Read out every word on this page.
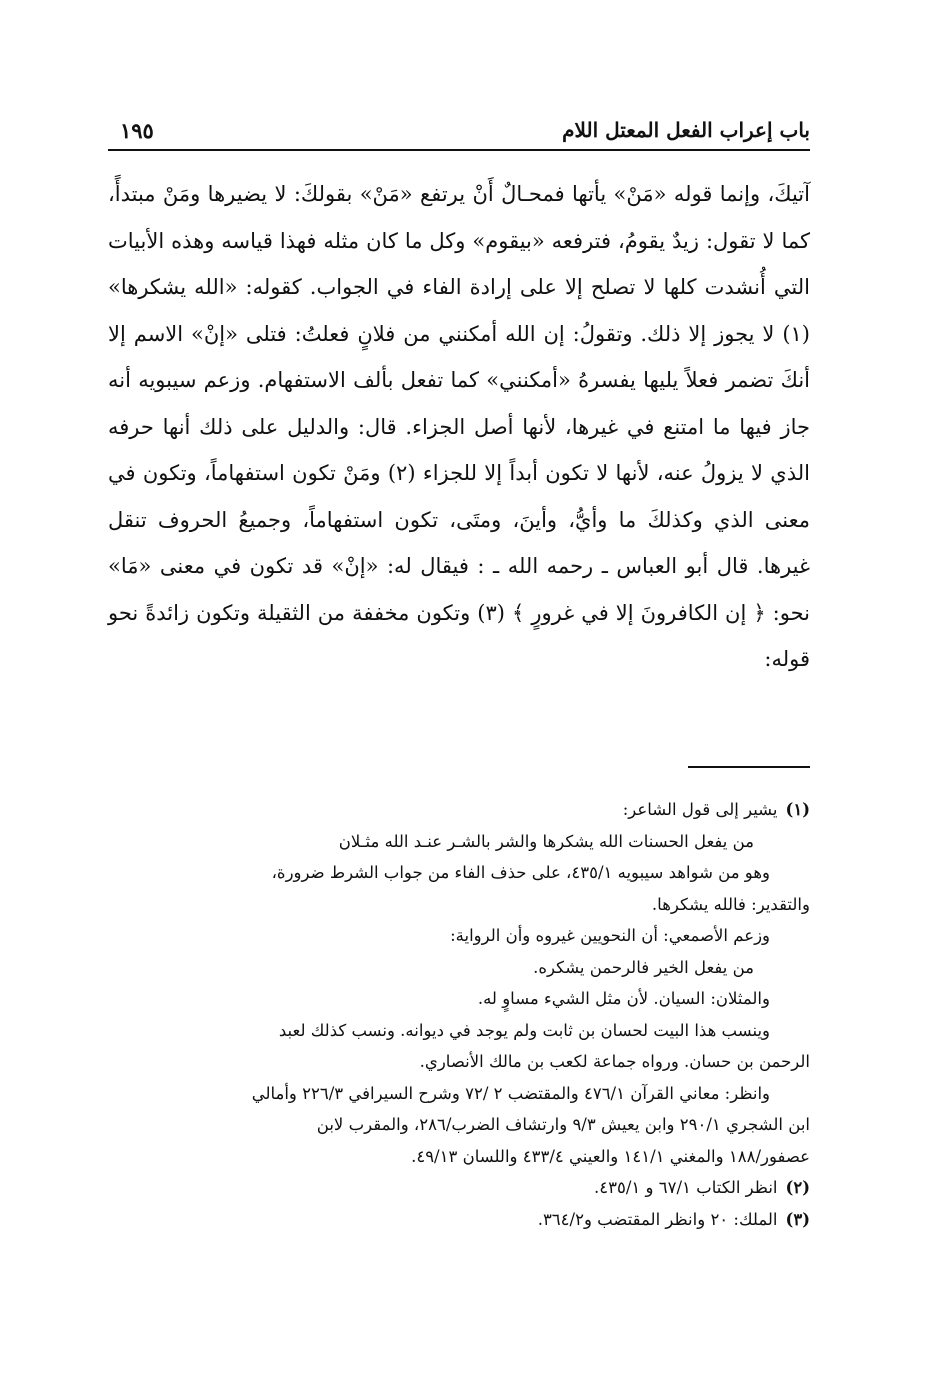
باب إعراب الفعل المعتل اللام
١٩٥

آتيكَ، وإنما قوله «مَنْ» يأتها فمحـالٌ أَنْ يرتفع «مَنْ» بقولكَ: لا يضيرها ومَنْ مبتدأً، كما لا تقول: زيدٌ يقومُ، فترفعه «بيقوم» وكل ما كان مثله فهذا قياسه وهذه الأبيات التي أُنشدت كلها لا تصلح إلا على إرادة الفاء في الجواب. كقوله: «الله يشكرها» (١) لا يجوز إلا ذلك. وتقولُ: إن الله أمكنني من فلانٍ فعلتُ: فتلى «إنْ» الاسم إلا أنكَ تضمر فعلاً يليها يفسرهُ «أمكنني» كما تفعل بألف الاستفهام. وزعم سيبويه أنه جاز فيها ما امتنع في غيرها، لأنها أصل الجزاء. قال: والدليل على ذلك أنها حرفه الذي لا يزولُ عنه، لأنها لا تكون أبداً إلا للجزاء (٢) ومَنْ تكون استفهاماً، وتكون في معنى الذي وكذلكَ ما وأيُّ، وأينَ، ومتَى، تكون استفهاماً، وجميعُ الحروف تنقل غيرها. قال أبو العباس ـ رحمه الله ـ : فيقال له: «إنْ» قد تكون في معنى «مَا» نحو: ﴿ إن الكافرونَ إلا في غرورٍ ﴾ (٣) وتكون مخففة من الثقيلة وتكون زائدةً نحو قوله:

(١)يشير إلى قول الشاعر:
من يفعل الحسنات الله يشكرها والشر بالشـر عنـد الله مثـلان
وهو من شواهد سيبويه ٤٣٥/١، على حذف الفاء من جواب الشرط ضرورة،
والتقدير: فالله يشكرها.
وزعم الأصمعي: أن النحويين غيروه وأن الرواية:
من يفعل الخير فالرحمن يشكره.
والمثلان: السيان. لأن مثل الشيء مساوٍ له.
وينسب هذا البيت لحسان بن ثابت ولم يوجد في ديوانه. ونسب كذلك لعبد
الرحمن بن حسان. ورواه جماعة لكعب بن مالك الأنصاري.
وانظر: معاني القرآن ٤٧٦/١ والمقتضب ٢ /٧٢ وشرح السيرافي ٢٢٦/٣ وأمالي
ابن الشجري ٢٩٠/١ وابن يعيش ٩/٣ وارتشاف الضرب/٢٨٦، والمقرب لابن
عصفور/١٨٨ والمغني ١٤١/١ والعيني ٤٣٣/٤ واللسان ٤٩/١٣.
(٢)انظر الكتاب ٦٧/١ و ٤٣٥/١.
(٣)الملك: ٢٠ وانظر المقتضب و٣٦٤/٢.
